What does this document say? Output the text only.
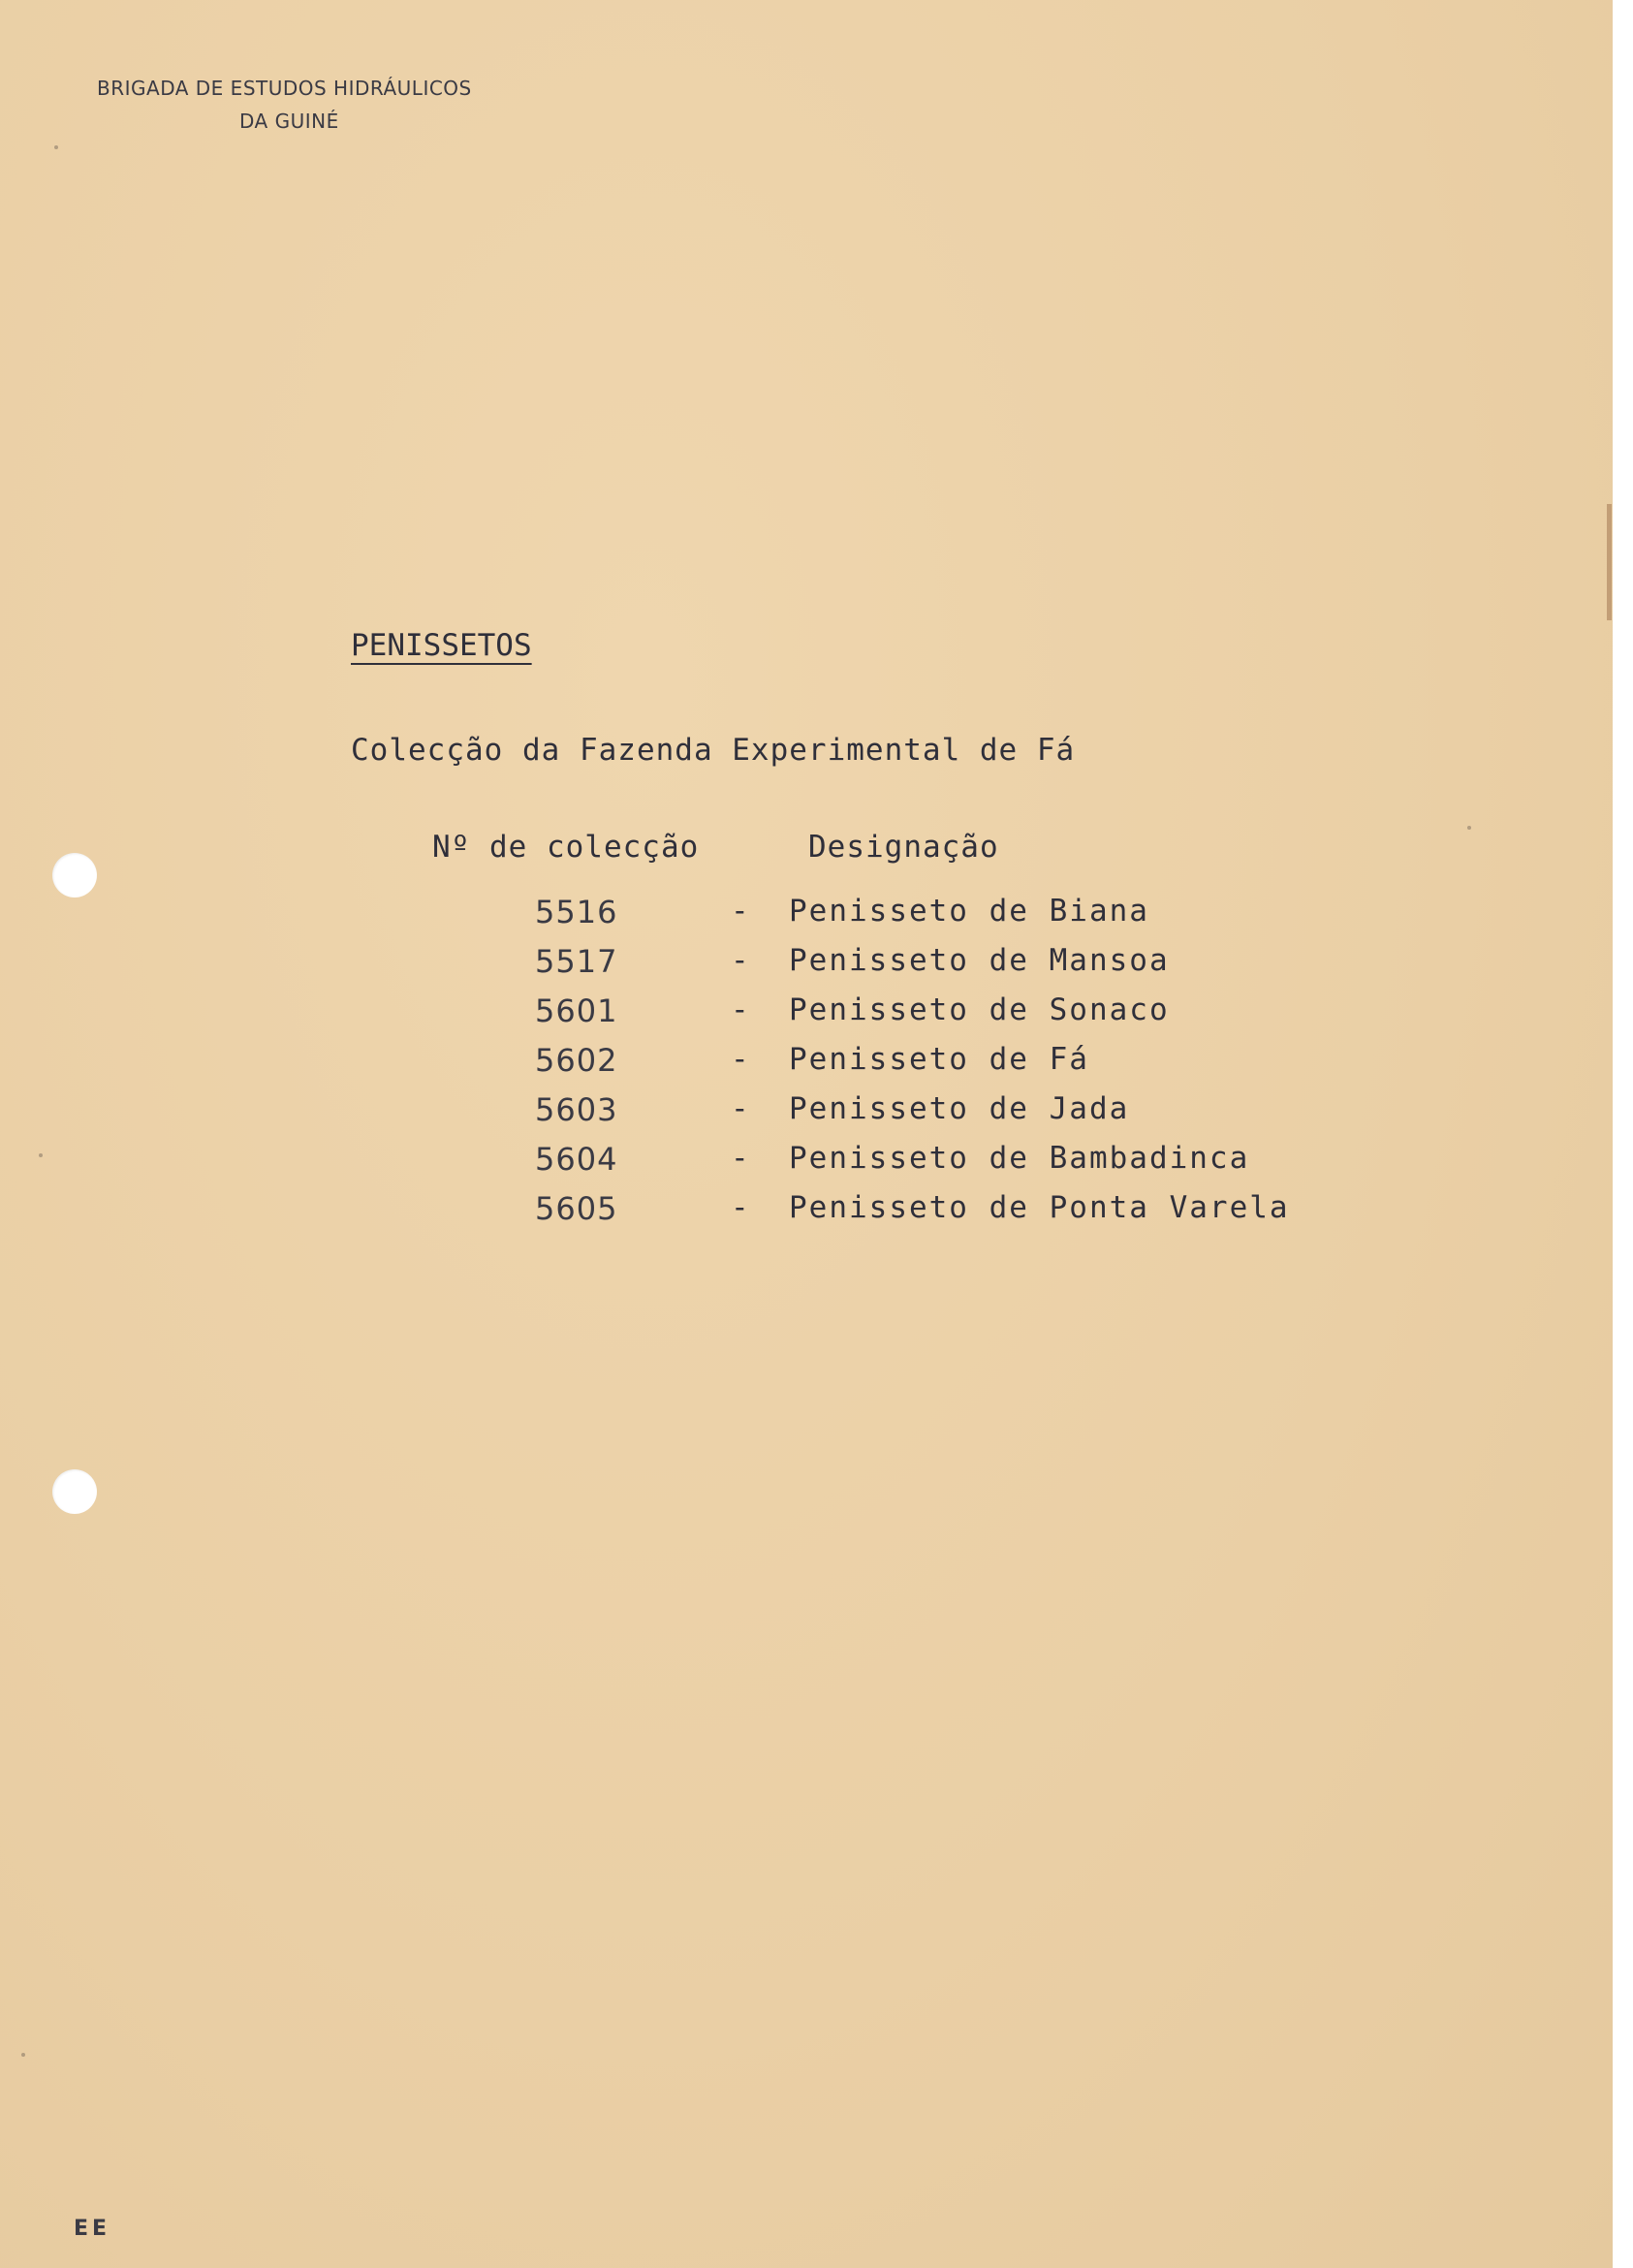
BRIGADA DE ESTUDOS HIDRÁULICOS
DA GUINÉ
PENISSETOS
Colecção da Fazenda Experimental de Fá
Nº de colecção	Designação
5516	- Penisseto de Biana
5517	- Penisseto de Mansoa
5601	- Penisseto de Sonaco
5602	- Penisseto de Fá
5603	- Penisseto de Jada
5604	- Penisseto de Bambadinca
5605	- Penisseto de Ponta Varela
EE
